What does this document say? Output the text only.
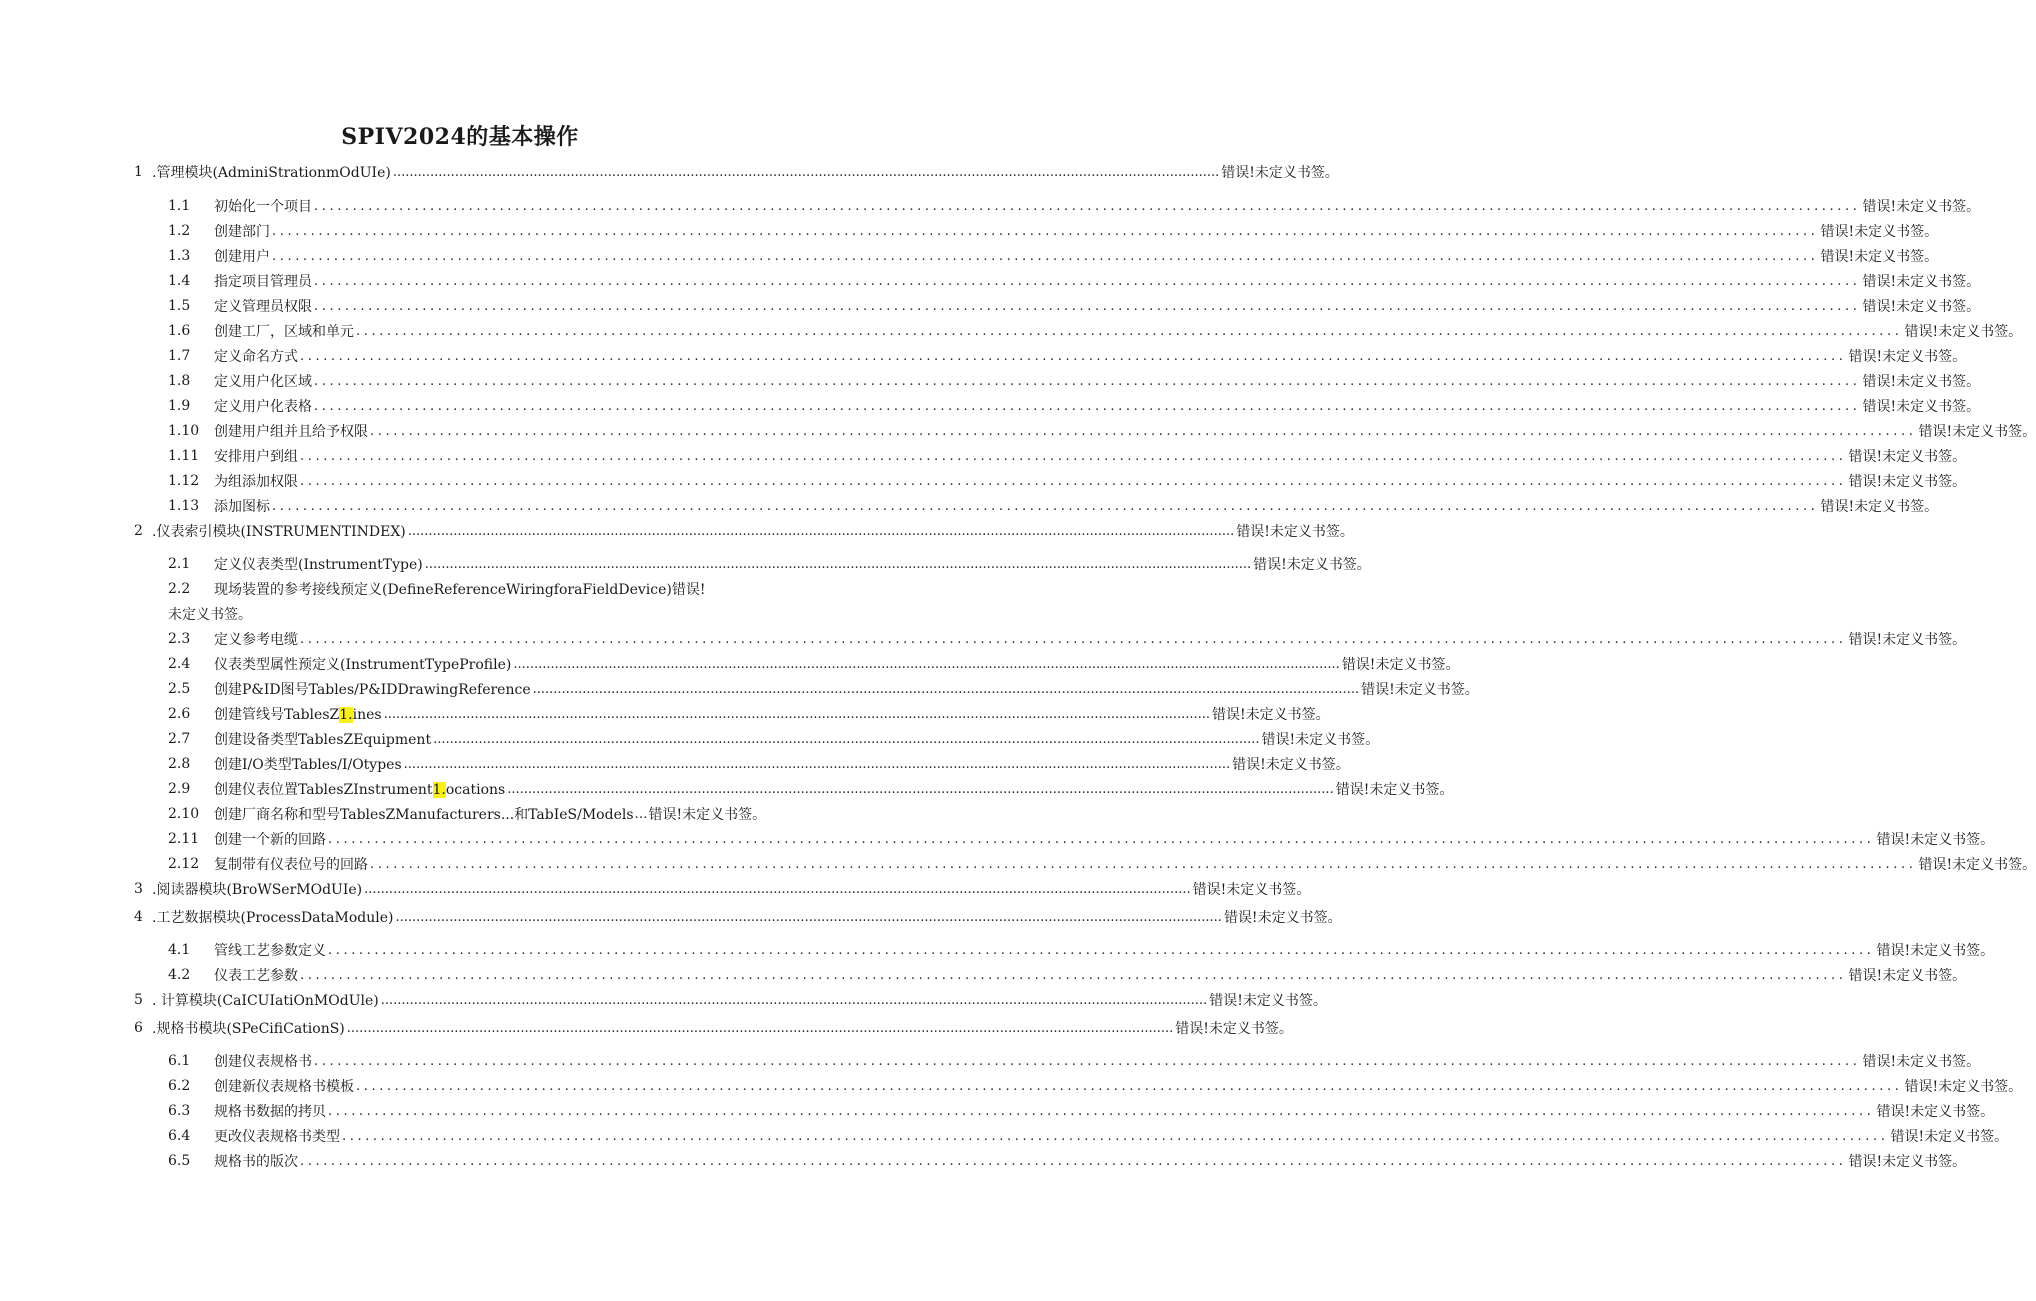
SPIV2024的基本操作
1 .管理模块(AdminiStrationmOdUIe) ........................................................................................................................................................................................................ 错误!未定义书签。
1.1	初始化一个项目 ........................................................................................................................................................................................................ 错误!未定义书签。
1.2	创建部门 ........................................................................................................................................................................................................ 错误!未定义书签。
1.3	创建用户 ........................................................................................................................................................................................................ 错误!未定义书签。
1.4	指定项目管理员 ........................................................................................................................................................................................................ 错误!未定义书签。
1.5	定义管理员权限 ........................................................................................................................................................................................................ 错误!未定义书签。
1.6	创建工厂，区域和单元 ........................................................................................................................................................................................................ 错误!未定义书签。
1.7	定义命名方式 ........................................................................................................................................................................................................ 错误!未定义书签。
1.8	定义用户化区域 ........................................................................................................................................................................................................ 错误!未定义书签。
1.9	定义用户化表格 ........................................................................................................................................................................................................ 错误!未定义书签。
1.10	创建用户组并且给予权限 ........................................................................................................................................................................................................ 错误!未定义书签。
1.11	安排用户到组 ........................................................................................................................................................................................................ 错误!未定义书签。
1.12	为组添加权限 ........................................................................................................................................................................................................ 错误!未定义书签。
1.13	添加图标 ........................................................................................................................................................................................................ 错误!未定义书签。
2 .仪表索引模块(INSTRUMENTINDEX) ........................................................................................................................................................................................................ 错误!未定义书签。
2.1	定义仪表类型(InstrumentType) ........................................................................................................................................................................................................ 错误!未定义书签。
2.2	现场装置的参考接线预定义(DefineReferenceWiringforaFieldDevice) 错误!
未定义书签。
2.3	定义参考电缆 ........................................................................................................................................................................................................ 错误!未定义书签。
2.4	仪表类型属性预定义(InstrumentTypeProfile) ........................................................................................................................................................................................................ 错误!未定义书签。
2.5	创建P&ID图号Tables/P&IDDrawingReference ........................................................................................................................................................................................................ 错误!未定义书签。
2.6	创建管线号TablesZ1.ines ........................................................................................................................................................................................................ 错误!未定义书签。
2.7	创建设备类型TablesZEquipment ........................................................................................................................................................................................................ 错误!未定义书签。
2.8	创建I/O类型Tables/I/Otypes ........................................................................................................................................................................................................ 错误!未定义书签。
2.9	创建仪表位置TablesZInstrument1.ocations ........................................................................................................................................................................................................ 错误!未定义书签。
2.10	创建厂商名称和型号TablesZManufacturers...和TabIeS/Models … 错误!未定义书签。
2.11	创建一个新的回路 ........................................................................................................................................................................................................ 错误!未定义书签。
2.12	复制带有仪表位号的回路 ........................................................................................................................................................................................................ 错误!未定义书签。
3 .阅读器模块(BroWSerMOdUIe) ........................................................................................................................................................................................................ 错误!未定义书签。
4 .工艺数据模块(ProcessDataModule) ........................................................................................................................................................................................................ 错误!未定义书签。
4.1	管线工艺参数定义 ........................................................................................................................................................................................................ 错误!未定义书签。
4.2	仪表工艺参数 ........................................................................................................................................................................................................ 错误!未定义书签。
5 . 计算模块(CaICUIatiOnMOdUle) ........................................................................................................................................................................................................ 错误!未定义书签。
6 .规格书模块(SPeCifiCationS) ........................................................................................................................................................................................................ 错误!未定义书签。
6.1	创建仪表规格书 ........................................................................................................................................................................................................ 错误!未定义书签。
6.2	创建新仪表规格书模板 ........................................................................................................................................................................................................ 错误!未定义书签。
6.3	规格书数据的拷贝 ........................................................................................................................................................................................................ 错误!未定义书签。
6.4	更改仪表规格书类型 ........................................................................................................................................................................................................ 错误!未定义书签。
6.5	规格书的版次 ........................................................................................................................................................................................................ 错误!未定义书签。
